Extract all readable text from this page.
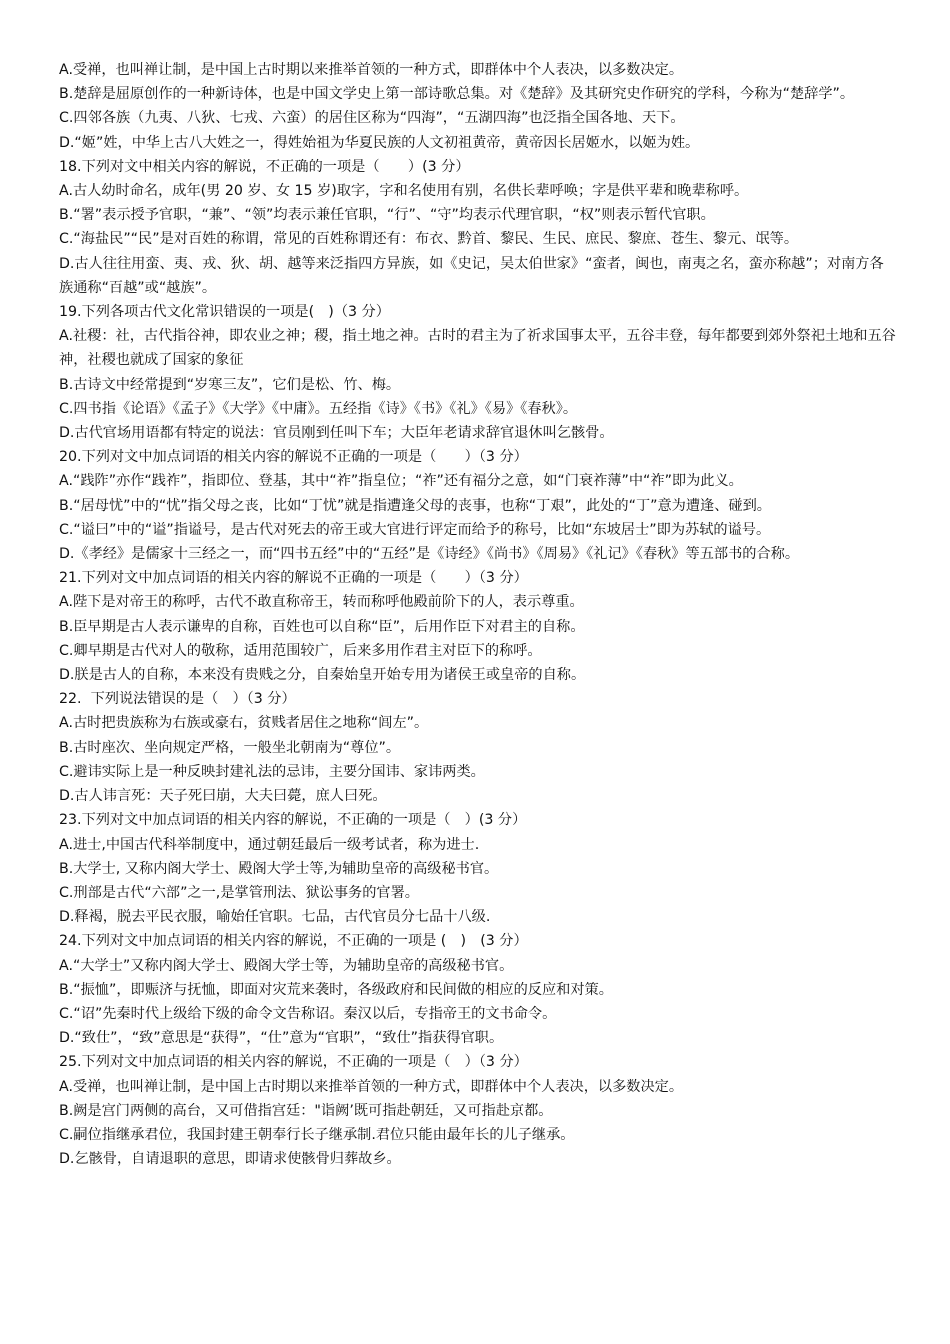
A.受禅，也叫禅让制，是中国上古时期以来推举首领的一种方式，即群体中个人表决，以多数决定。
B.楚辞是屈原创作的一种新诗体，也是中国文学史上第一部诗歌总集。对《楚辞》及其研究史作研究的学科，今称为“楚辞学”。
C.四邻各族（九夷、八狄、七戎、六蛮）的居住区称为“四海”，“五湖四海”也泛指全国各地、天下。
D.“姬”姓，中华上古八大姓之一，得姓始祖为华夏民族的人文初祖黄帝，黄帝因长居姬水，以姬为姓。
18.下列对文中相关内容的解说，不正确的一项是（　　）(3 分）
A.古人幼时命名，成年(男 20 岁、女 15 岁)取字，字和名使用有别，名供长辈呼唤；字是供平辈和晚辈称呼。
B.“署”表示授予官职，“兼”、“领”均表示兼任官职，“行”、“守”均表示代理官职，“权”则表示暂代官职。
C.“海盐民”“民”是对百姓的称谓，常见的百姓称谓还有：布衣、黔首、黎民、生民、庶民、黎庶、苍生、黎元、氓等。
D.古人往往用蛮、夷、戎、狄、胡、越等来泛指四方异族，如《史记，吴太伯世家》“蛮者，闽也，南夷之名，蛮亦称越”；对南方各族通称“百越”或“越族”。
19.下列各项古代文化常识错误的一项是(　)（3 分）
A.社稷：社，古代指谷神，即农业之神；稷，指土地之神。古时的君主为了祈求国事太平，五谷丰登，每年都要到郊外祭祀土地和五谷神，社稷也就成了国家的象征
B.古诗文中经常提到“岁寒三友”，它们是松、竹、梅。
C.四书指《论语》《孟子》《大学》《中庸》。五经指《诗》《书》《礼》《易》《春秋》。
D.古代官场用语都有特定的说法：官员刚到任叫下车；大臣年老请求辞官退休叫乞骸骨。
20.下列对文中加点词语的相关内容的解说不正确的一项是（　　）（3 分）
A.“践阼”亦作“践祚”，指即位、登基，其中“祚”指皇位；“祚”还有福分之意，如“门衰祚薄”中“祚”即为此义。
B.“居母忧”中的“忧”指父母之丧，比如“丁忧”就是指遭逢父母的丧事，也称“丁艰”，此处的“丁”意为遭逢、碰到。
C.“谥曰”中的“谥”指谥号，是古代对死去的帝王或大官进行评定而给予的称号，比如“东坡居士”即为苏轼的谥号。
D.《孝经》是儒家十三经之一，而“四书五经”中的“五经”是《诗经》《尚书》《周易》《礼记》《春秋》等五部书的合称。
21.下列对文中加点词语的相关内容的解说不正确的一项是（　　）（3 分）
A.陛下是对帝王的称呼，古代不敢直称帝王，转而称呼他殿前阶下的人，表示尊重。
B.臣早期是古人表示谦卑的自称，百姓也可以自称“臣”，后用作臣下对君主的自称。
C.卿早期是古代对人的敬称，适用范围较广，后来多用作君主对臣下的称呼。
D.朕是古人的自称，本来没有贵贱之分，自秦始皇开始专用为诸侯王或皇帝的自称。
22.  下列说法错误的是（　）（3 分）
A.古时把贵族称为右族或豪右，贫贱者居住之地称“闾左”。
B.古时座次、坐向规定严格，一般坐北朝南为“尊位”。
C.避讳实际上是一种反映封建礼法的忌讳，主要分国讳、家讳两类。
D.古人讳言死：天子死曰崩，大夫曰薨，庶人曰死。
23.下列对文中加点词语的相关内容的解说，不正确的一项是（　）(3 分）
A.进士,中国古代科举制度中，通过朝廷最后一级考试者，称为进士.
B.大学士, 又称内阁大学士、殿阁大学士等,为辅助皇帝的高级秘书官。
C.刑部是古代“六部”之一,是掌管刑法、狱讼事务的官署。
D.释褐，脱去平民衣服，喻始任官职。七品，古代官员分七品十八级.
24.下列对文中加点词语的相关内容的解说，不正确的一项是 (　)　(3 分）
A.“大学士”又称内阁大学士、殿阁大学士等，为辅助皇帝的高级秘书官。
B.“振恤”，即赈济与抚恤，即面对灾荒来袭时，各级政府和民间做的相应的反应和对策。
C.“诏”先秦时代上级给下级的命令文告称诏。秦汉以后，专指帝王的文书命令。
D.“致仕”，“致”意思是“获得”，“仕”意为“官职”，“致仕”指获得官职。
25.下列对文中加点词语的相关内容的解说，不正确的一项是（　）（3 分）
A.受禅，也叫禅让制，是中国上古时期以来推举首领的一种方式，即群体中个人表决，以多数决定。
B.阙是宫门两侧的高台，又可借指宫廷："诣阙’既可指赴朝廷，又可指赴京都。
C.嗣位指继承君位，我国封建王朝奉行长子继承制.君位只能由最年长的儿子继承。
D.乞骸骨，自请退职的意思，即请求使骸骨归葬故乡。
